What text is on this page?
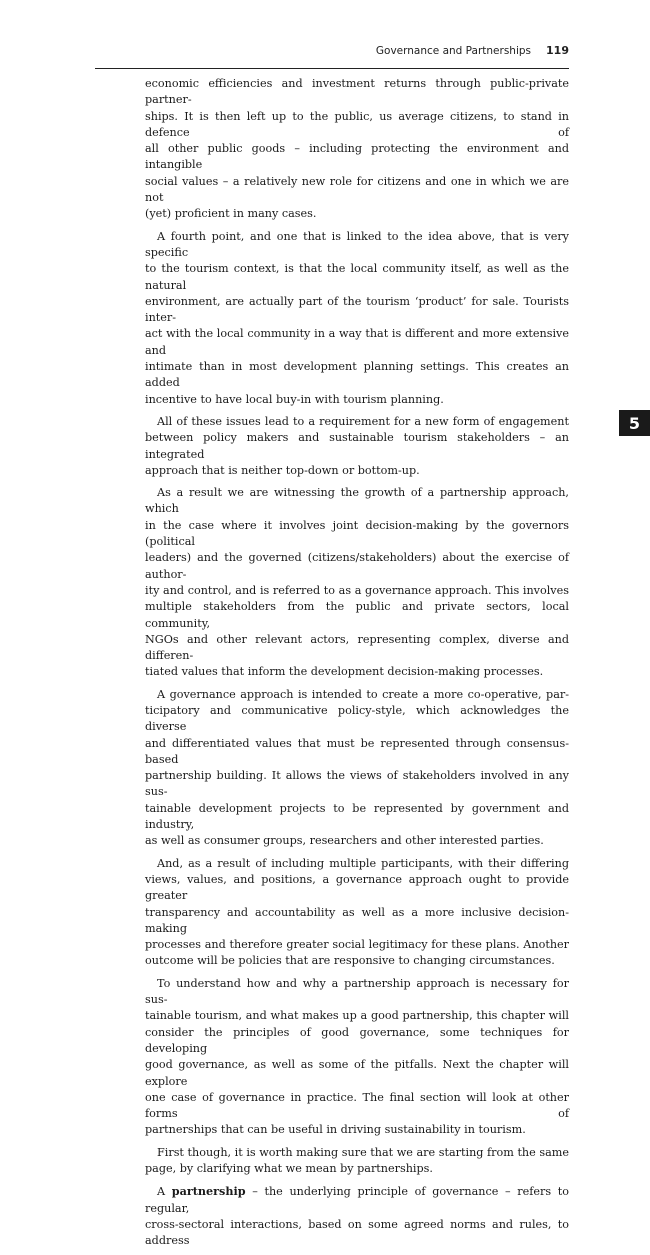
Governance and Partnerships 119
5

economic efficiencies and investment returns through public-private partner-
ships. It is then left up to the public, us average citizens, to stand in defence of
all other public goods – including protecting the environment and intangible
social values – a relatively new role for citizens and one in which we are not
(yet) proficient in many cases.

A fourth point, and one that is linked to the idea above, that is very specific
to the tourism context, is that the local community itself, as well as the natural
environment, are actually part of the tourism ‘product’ for sale. Tourists inter-
act with the local community in a way that is different and more extensive and
intimate than in most development planning settings. This creates an added
incentive to have local buy-in with tourism planning.

All of these issues lead to a requirement for a new form of engagement
between policy makers and sustainable tourism stakeholders – an integrated
approach that is neither top-down or bottom-up.

As a result we are witnessing the growth of a partnership approach, which
in the case where it involves joint decision-making by the governors (political
leaders) and the governed (citizens/stakeholders) about the exercise of author-
ity and control, and is referred to as a governance approach. This involves
multiple stakeholders from the public and private sectors, local community,
NGOs and other relevant actors, representing complex, diverse and differen-
tiated values that inform the development decision-making processes.

A governance approach is intended to create a more co-operative, par-
ticipatory and communicative policy-style, which acknowledges the diverse
and differentiated values that must be represented through consensus-based
partnership building. It allows the views of stakeholders involved in any sus-
tainable development projects to be represented by government and industry,
as well as consumer groups, researchers and other interested parties.

And, as a result of including multiple participants, with their differing
views, values, and positions, a governance approach ought to provide greater
transparency and accountability as well as a more inclusive decision-making
processes and therefore greater social legitimacy for these plans. Another
outcome will be policies that are responsive to changing circumstances.

To understand how and why a partnership approach is necessary for sus-
tainable tourism, and what makes up a good partnership, this chapter will
consider the principles of good governance, some techniques for developing
good governance, as well as some of the pitfalls. Next the chapter will explore
one case of governance in practice. The final section will look at other forms of
partnerships that can be useful in driving sustainability in tourism.

First though, it is worth making sure that we are starting from the same
page, by clarifying what we mean by partnerships.

A partnership – the underlying principle of governance – refers to regular,
cross-sectoral interactions, based on some agreed norms and rules, to address
